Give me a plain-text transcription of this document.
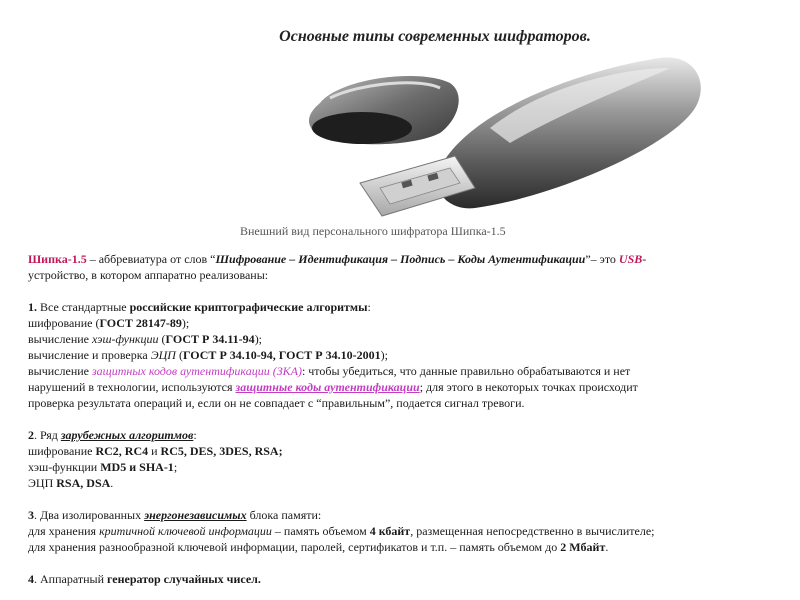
Основные типы современных шифраторов.
Внешний вид персонального шифратора Шипка-1.5

Шипка-1.5 – аббревиатура от слов “Шифрование – Идентификация – Подпись – Коды Аутентификации”– это USB-
устройство, в котором аппаратно реализованы:

1. Все стандартные российские криптографические алгоритмы:
шифрование (ГОСТ 28147-89);
вычисление хэш-функции (ГОСТ Р 34.11-94);
вычисление и проверка ЭЦП (ГОСТ Р 34.10-94, ГОСТ Р 34.10-2001);
вычисление защитных кодов аутентификации (ЗКА): чтобы убедиться, что данные правильно обрабатываются и нет
нарушений в технологии, используются защитные коды аутентификации; для этого в некоторых точках происходит
проверка результата операций и, если он не совпадает с “правильным”, подается сигнал тревоги.

2. Ряд зарубежных алгоритмов:
шифрование RC2, RC4 и RC5, DES, 3DES, RSA;
хэш-функции MD5 и SHA-1;
ЭЦП RSA, DSA.

3. Два изолированных энергонезависимых блока памяти:
для хранения критичной ключевой информации – память объемом 4 кбайт, размещенная непосредственно в вычислителе;
для хранения разнообразной ключевой информации, паролей, сертификатов и т.п. – память объемом до 2 Мбайт.

4. Аппаратный генератор случайных чисел.
